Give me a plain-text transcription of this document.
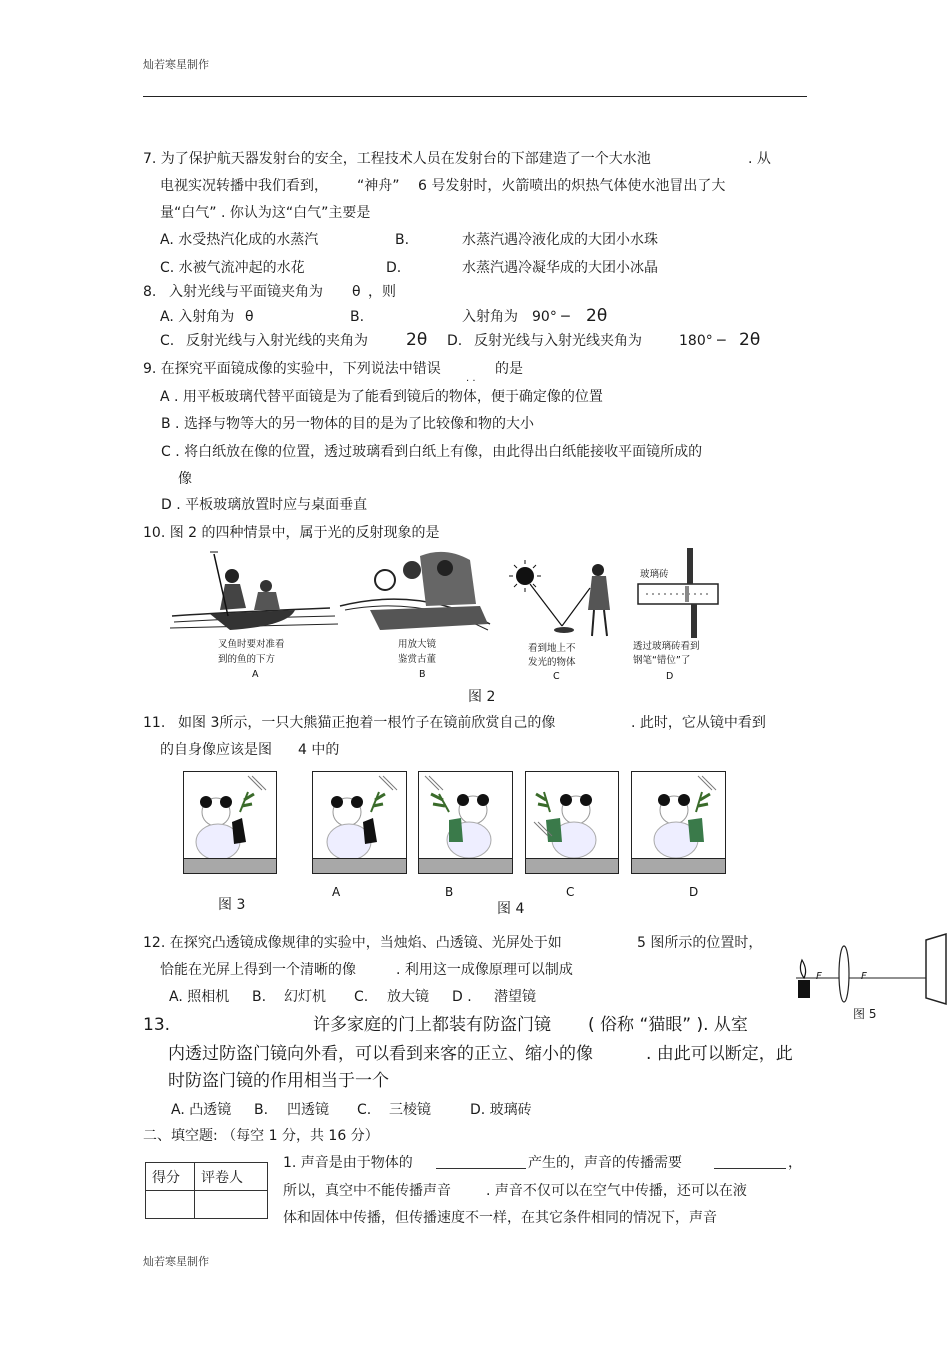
灿若寒星制作
7. 为了保护航天器发射台的安全，工程技术人员在发射台的下部建造了一个大水池	. 从
电视实况转播中我们看到， “神舟” 6 号发射时，火箭喷出的炽热气体使水池冒出了大
量“白气” . 你认为这“白气”主要是
A. 水受热汽化成的水蒸汽	B.	水蒸汽遇冷液化成的大团小水珠
C. 水被气流冲起的水花	D.	水蒸汽遇冷凝华成的大团小冰晶
8. 入射光线与平面镜夹角为 θ ，则
A. 入射角为 θ	B.	入射角为 90° ─ 2θ
C. 反射光线与入射光线的夹角为 2θ D. 反射光线与入射光线夹角为	180° ─ 2θ
9. 在探究平面镜成像的实验中，下列说法中错误
. .
的是
A . 用平板玻璃代替平面镜是为了能看到镜后的物体，便于确定像的位置
B . 选择与物等大的另一物体的目的是为了比较像和物的大小
C . 将白纸放在像的位置，透过玻璃看到白纸上有像，由此得出白纸能接收平面镜所成的
像
D . 平板玻璃放置时应与桌面垂直
10. 图 2 的四种情景中，属于光的反射现象的是
玻璃砖
叉鱼时要对准看
到的鱼的下方
A
用放大镜
鉴赏古董
B
看到地上不
发光的物体
C
透过玻璃砖看到
钢笔“错位”了
D
图 2
11. 如图 3所示，一只大熊猫正抱着一根竹子在镜前欣赏自己的像	. 此时，它从镜中看到
的自身像应该是图 4 中的
图 3
A	B	C	D
图 4
12. 在探究凸透镜成像规律的实验中，当烛焰、凸透镜、光屏处于如	5 图所示的位置时，
恰能在光屏上得到一个清晰的像	. 利用这一成像原理可以制成
A. 照相机 B. 幻灯机 C. 放大镜 D . 潜望镜
F	F
图 5
13.	许多家庭的门上都装有防盗门镜 ( 俗称 “猫眼” ). 从室
内透过防盗门镜向外看，可以看到来客的正立、缩小的像	. 由此可以断定，此
时防盗门镜的作用相当于一个
A. 凸透镜 B. 凹透镜 C. 三棱镜	D. 玻璃砖
二、填空题: （每空 1 分，共 16 分）
得分	评卷人

1. 声音是由于物体的	产生的，声音的传播需要	，
所以，真空中不能传播声音	. 声音不仅可以在空气中传播，还可以在液
体和固体中传播，但传播速度不一样，在其它条件相同的情况下，声音
灿若寒星制作
